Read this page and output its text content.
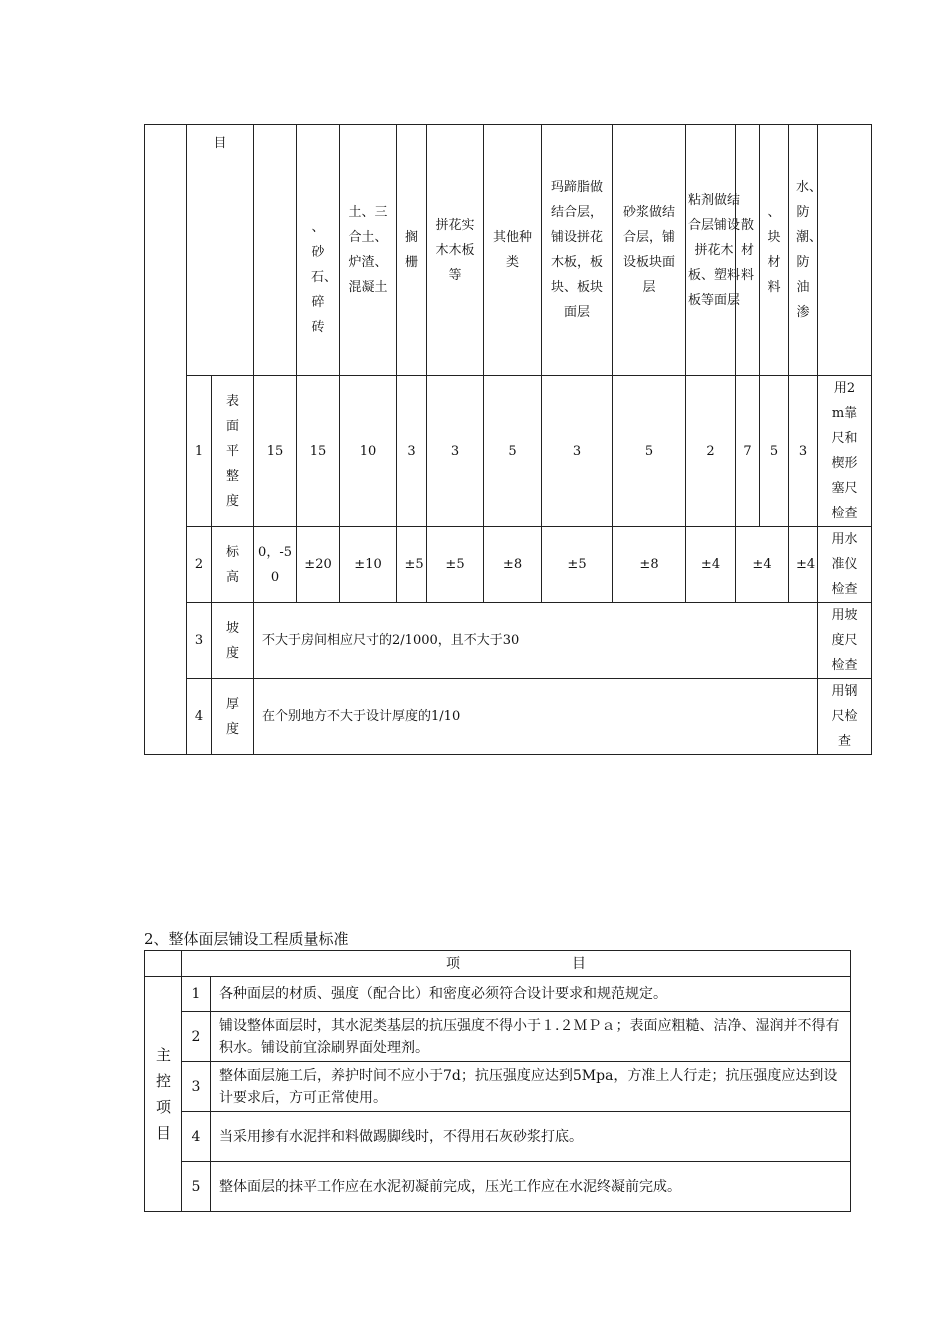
	目			、砂石、碎砖	土、三合土、炉渣、混凝土	搁栅	拼花实木木板等	其他种类	玛蹄脂做结合层，铺设拼花木板，板块、板块面层	砂浆做结合层，铺设板块面层	粘剂做结合层铺设拼花木板、塑料板等面层	散材料	、块材料	水、防潮、防油渗	
	1	表面平整度	15	15	10	3	3	5	3	5	2	7	5	3	用2m靠尺和楔形塞尺检查
	2	标高	0，-50	±20	±10	±5	±5	±8	±5	±8	±4	±4		±4	用水准仪检查
	3	坡度	不大于房间相应尺寸的2/1000，且不大于30												用坡度尺检查
	4	厚度	在个别地方不大于设计厚度的1/10												用钢尺检查
2、整体面层铺设工程质量标准
	项　　　　　　　　目	
主控项目	1	各种面层的材质、强度（配合比）和密度必须符合设计要求和规范规定。
	2	铺设整体面层时，其水泥类基层的抗压强度不得小于１.２ＭＰａ；表面应粗糙、洁净、湿润并不得有积水。铺设前宜涂刷界面处理剂。
	3	整体面层施工后，养护时间不应小于7d；抗压强度应达到5Mpa，方准上人行走；抗压强度应达到设计要求后，方可正常使用。
	4	当采用掺有水泥拌和料做踢脚线时，不得用石灰砂浆打底。
	5	整体面层的抹平工作应在水泥初凝前完成，压光工作应在水泥终凝前完成。
